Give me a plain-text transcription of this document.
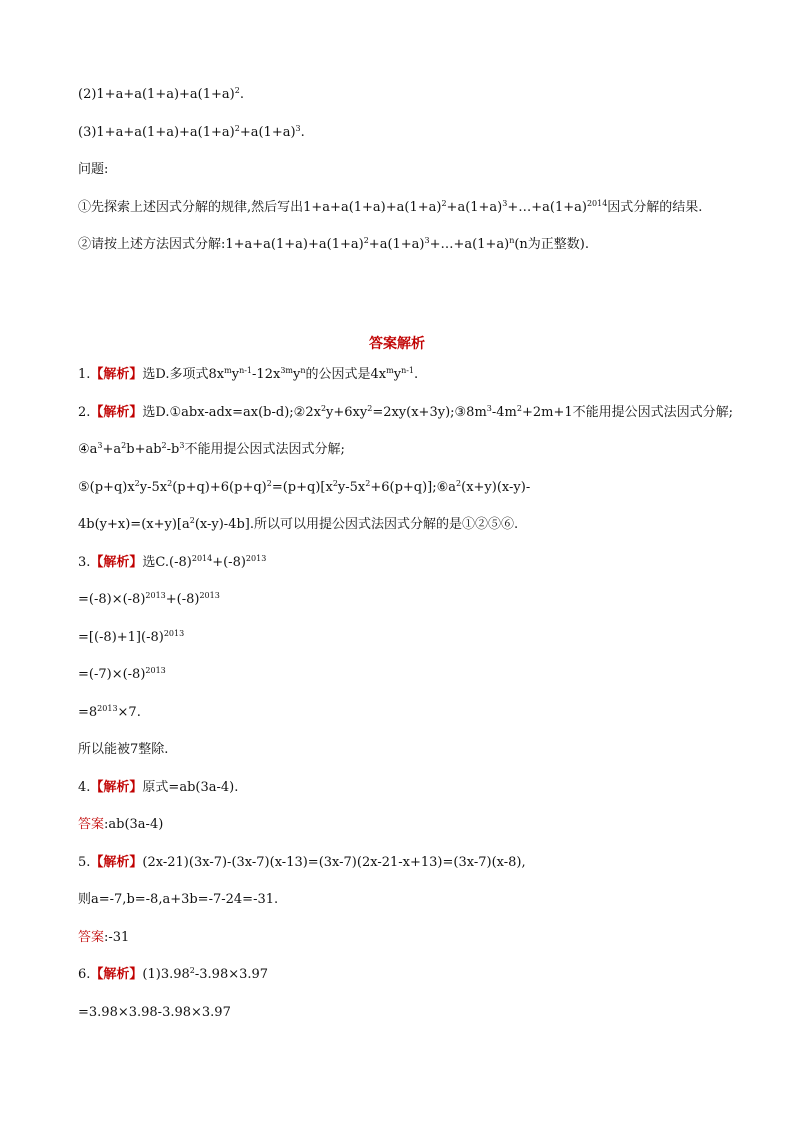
$(2)1+a+a(1+a)+a(1+a)^2$.
$(3)1+a+a(1+a)+a(1+a)^2+a(1+a)^3$.
问题:
①先探索上述因式分解的规律,然后写出$1+a+a(1+a)+a(1+a)^2+a(1+a)^3+\dots+a(1+a)^{2014}$因式分解的结果.
②请按上述方法因式分解$:1+a+a(1+a)+a(1+a)^2+a(1+a)^3+\dots+a(1+a)^n(n$为正整数).
答案解析
1.【解析】选D.多项式$8x^my^{n-1}-12x^{3m}y^n$的公因式是$4x^my^{n-1}$.
2.【解析】选$D.①abx-adx=ax(b-d);②2x^2y+6xy^2=2xy(x+3y);③8m^3-4m^2+2m+1$不能用提公因式法因式分解;
$④a^3+a^2b+ab^2-b^3$不能用提公因式法因式分解;
$⑤(p+q)x^2y-5x^2(p+q)+6(p+q)^2=(p+q)[x^2y-5x^2+6(p+q)];⑥a^2(x+y)(x-y)-$
$4b(y+x)=(x+y)[a^2(x-y)-4b]$.所以可以用提公因式法因式分解的是①②⑤⑥.
3.【解析】选$C.(-8)^{2014}+(-8)^{2013}$
$=(-8)\times(-8)^{2013}+(-8)^{2013}$
$=[(-8)+1](-8)^{2013}$
$=(-7)\times(-8)^{2013}$
$=8^{2013}\times 7$.
所以能被7整除.
4.【解析】原式=ab(3a-4).
答案:ab(3a-4)
5.【解析】(2x-21)(3x-7)-(3x-7)(x-13)=(3x-7)(2x-21-x+13)=(3x-7)(x-8),
则a=-7,b=-8,a+3b=-7-24=-31.
答案:-31
6.【解析】$(1)3.98^2-3.98\times 3.97$
=3.98×3.98-3.98×3.97
